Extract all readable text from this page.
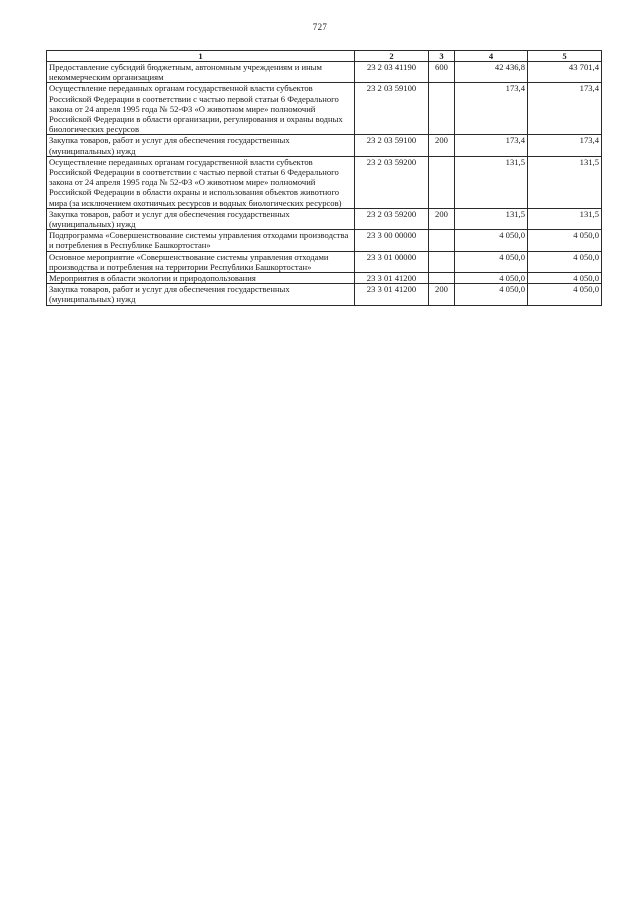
727
1	2	3	4	5
Предоставление субсидий бюджетным, автономным учреждениям и иным некоммерческим организациям	23 2 03 41190	600	42 436,8	43 701,4
Осуществление переданных органам государственной власти субъектов Российской Федерации в соответствии с частью первой статьи 6 Федерального закона от 24 апреля 1995 года № 52-ФЗ «О животном мире» полномочий Российской Федерации в области организации, регулирования и охраны водных биологических ресурсов	23 2 03 59100		173,4	173,4
Закупка товаров, работ и услуг для обеспечения государственных (муниципальных) нужд	23 2 03 59100	200	173,4	173,4
Осуществление переданных органам государственной власти субъектов Российской Федерации в соответствии с частью первой статьи 6 Федерального закона от 24 апреля 1995 года № 52-ФЗ «О животном мире» полномочий Российской Федерации в области охраны и использования объектов животного мира (за исключением охотничьих ресурсов и водных биологических ресурсов)	23 2 03 59200		131,5	131,5
Закупка товаров, работ и услуг для обеспечения государственных (муниципальных) нужд	23 2 03 59200	200	131,5	131,5
Подпрограмма «Совершенствование системы управления отходами производства и потребления в Республике Башкортостан»	23 3 00 00000		4 050,0	4 050,0
Основное мероприятие «Совершенствование системы управления отходами производства и потребления на территории Республики Башкортостан»	23 3 01 00000		4 050,0	4 050,0
Мероприятия в области экологии и природопользования	23 3 01 41200		4 050,0	4 050,0
Закупка товаров, работ и услуг для обеспечения государственных (муниципальных) нужд	23 3 01 41200	200	4 050,0	4 050,0
